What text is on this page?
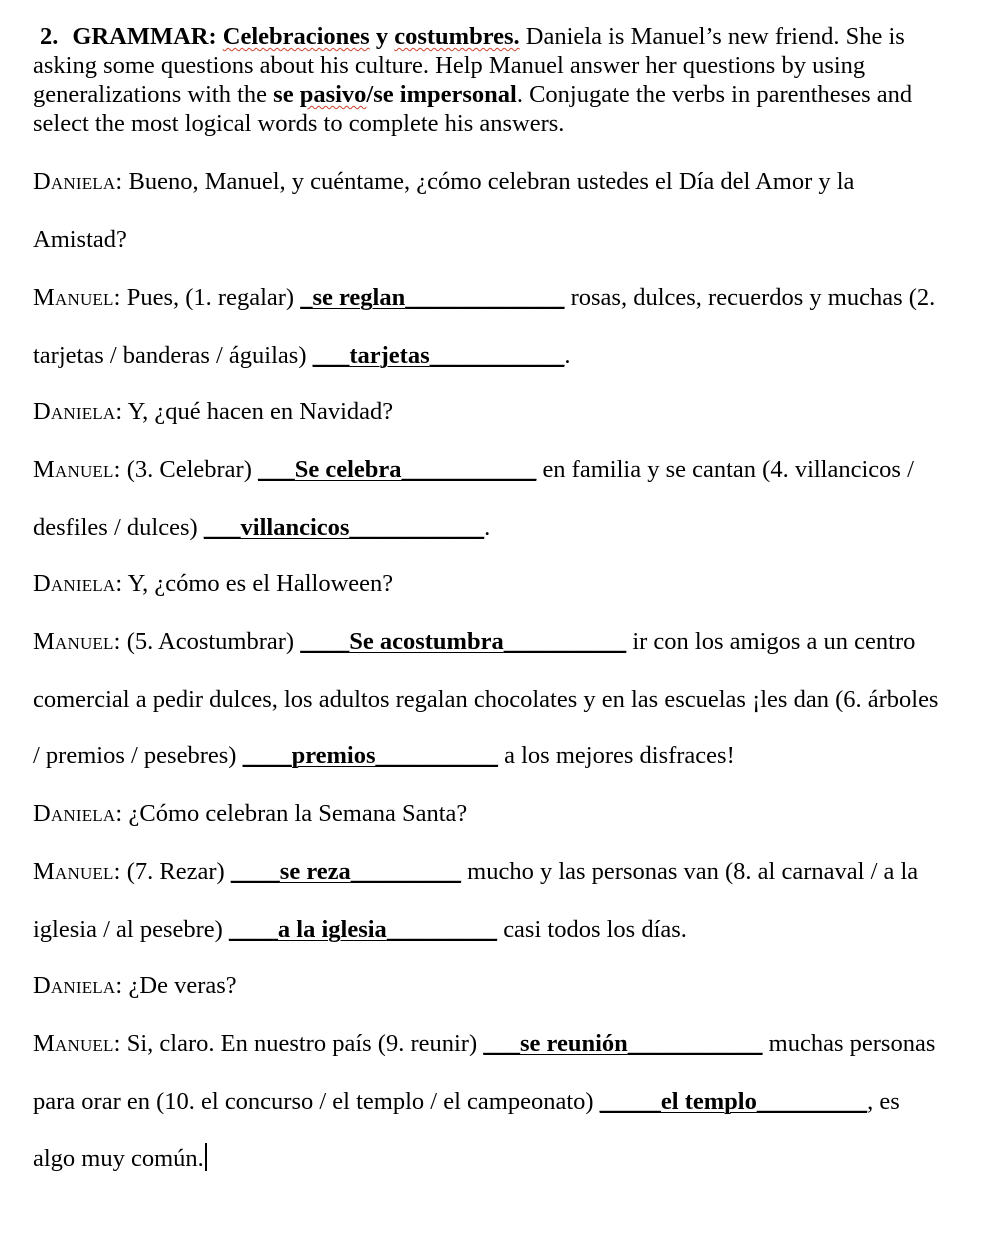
2. GRAMMAR: Celebraciones y costumbres. Daniela is Manuel’s new friend. She is asking some questions about his culture. Help Manuel answer her questions by using generalizations with the se pasivo/se impersonal. Conjugate the verbs in parentheses and select the most logical words to complete his answers.

Daniela: Bueno, Manuel, y cuéntame, ¿cómo celebran ustedes el Día del Amor y la
Amistad?
Manuel: Pues, (1. regalar) _se reglan_____________ rosas, dulces, recuerdos y muchas (2.
tarjetas / banderas / águilas) ___tarjetas___________.
Daniela: Y, ¿qué hacen en Navidad?
Manuel: (3. Celebrar) ___Se celebra___________ en familia y se cantan (4. villancicos /
desfiles / dulces) ___villancicos___________.
Daniela: Y, ¿cómo es el Halloween?
Manuel: (5. Acostumbrar) ____Se acostumbra__________ ir con los amigos a un centro
comercial a pedir dulces, los adultos regalan chocolates y en las escuelas ¡les dan (6. árboles
/ premios / pesebres) ____premios__________ a los mejores disfraces!
Daniela: ¿Cómo celebran la Semana Santa?
Manuel: (7. Rezar) ____se reza_________ mucho y las personas van (8. al carnaval / a la
iglesia / al pesebre) ____a la iglesia_________ casi todos los días.
Daniela: ¿De veras?
Manuel: Si, claro. En nuestro país (9. reunir) ___se reunión___________ muchas personas
para orar en (10. el concurso / el templo / el campeonato) _____el templo_________, es
algo muy común.
